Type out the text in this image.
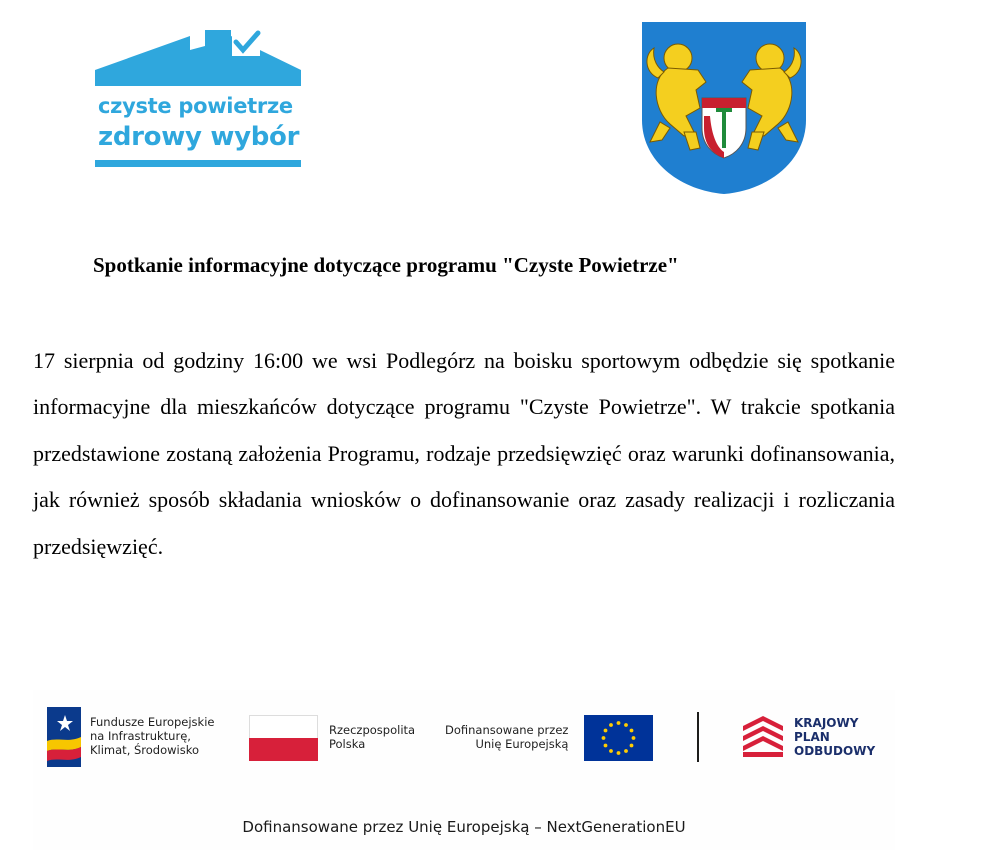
czyste powietrze
zdrowy wybór
Spotkanie informacyjne dotyczące programu "Czyste Powietrze"

17 sierpnia od godziny 16:00 we wsi Podlegórz na boisku sportowym odbędzie się spotkanie informacyjne dla mieszkańców dotyczące programu "Czyste Powietrze". W trakcie spotkania przedstawione zostaną założenia Programu, rodzaje przedsięwzięć oraz warunki dofinansowania, jak również sposób składania wniosków o dofinansowanie oraz zasady realizacji i rozliczania przedsięwzięć.

Fundusze Europejskie
na Infrastrukturę,
Klimat, Środowisko
Rzeczpospolita
Polska
Dofinansowane przez
Unię Europejską
KRAJOWY
PLAN
ODBUDOWY
Dofinansowane przez Unię Europejską – NextGenerationEU
